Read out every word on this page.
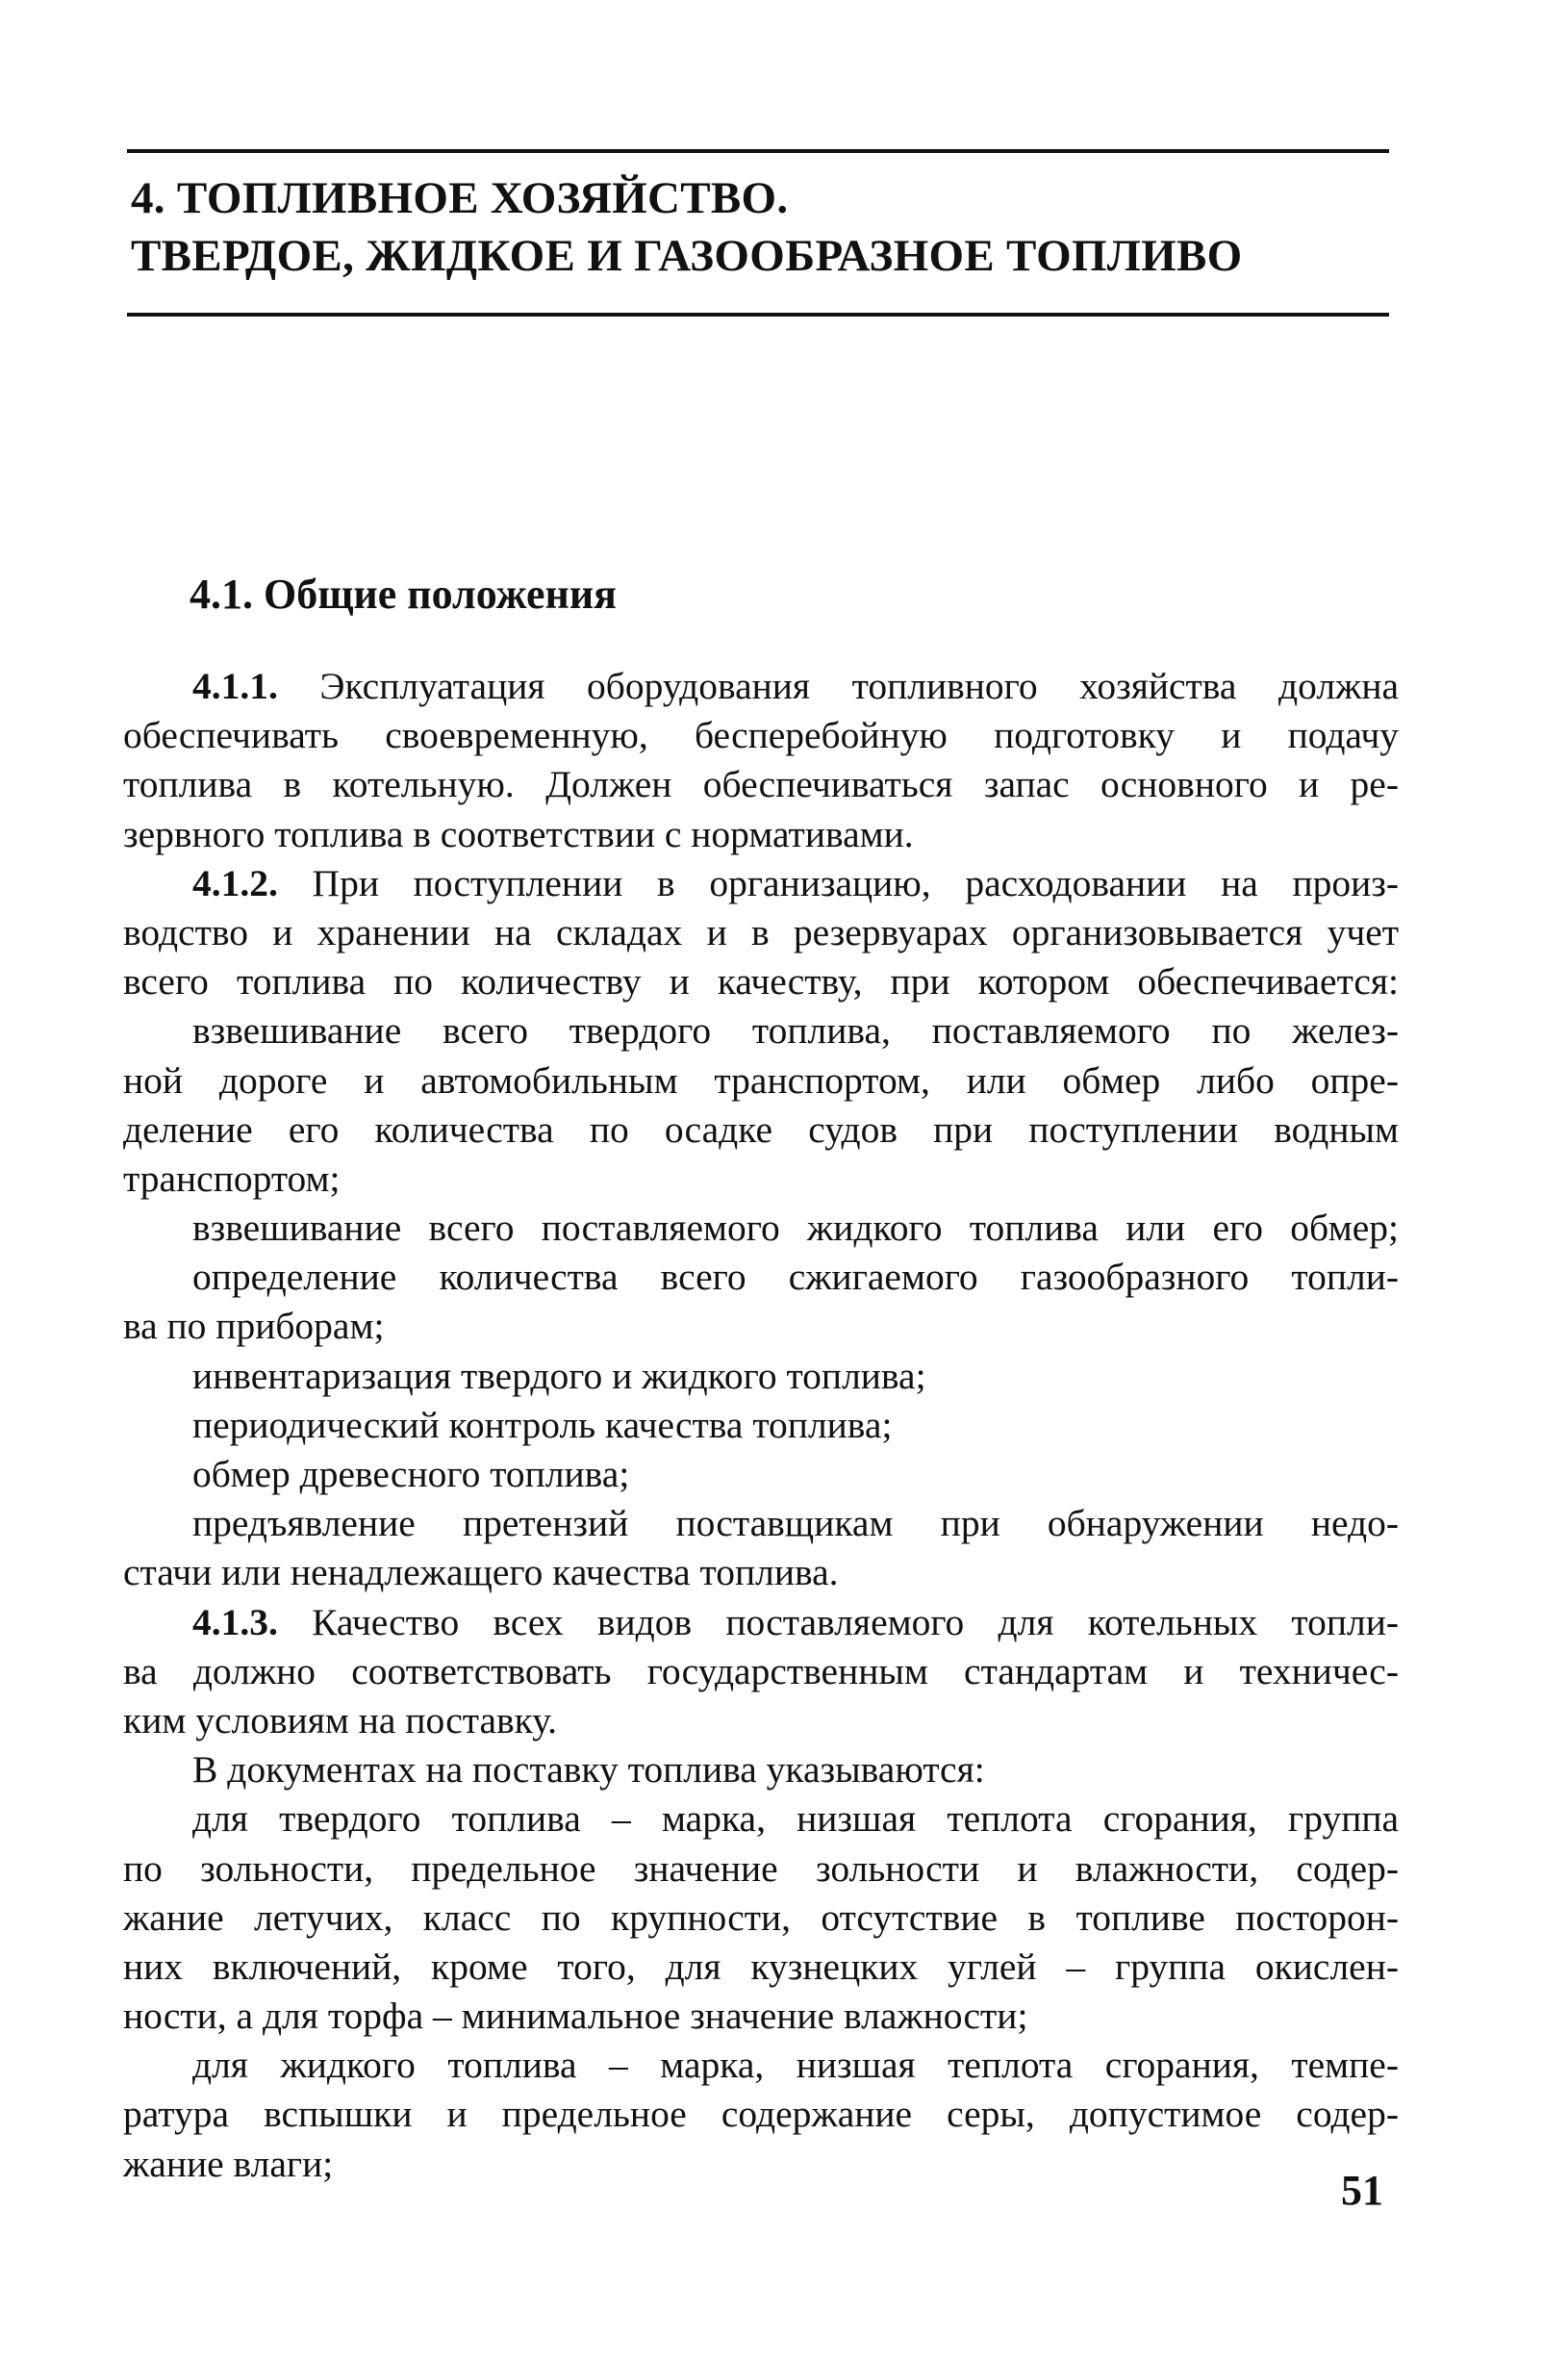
4. ТОПЛИВНОЕ ХОЗЯЙСТВО.
ТВЕРДОЕ, ЖИДКОЕ И ГАЗООБРАЗНОЕ ТОПЛИВО
4.1. Общие положения
4.1.1. Эксплуатация оборудования топливного хозяйства должна
обеспечивать своевременную, бесперебойную подготовку и подачу
топлива в котельную. Должен обеспечиваться запас основного и ре-
зервного топлива в соответствии с нормативами.
4.1.2. При поступлении в организацию, расходовании на произ-
водство и хранении на складах и в резервуарах организовывается учет
всего топлива по количеству и качеству, при котором обеспечивается:
взвешивание всего твердого топлива, поставляемого по желез-
ной дороге и автомобильным транспортом, или обмер либо опре-
деление его количества по осадке судов при поступлении водным
транспортом;
взвешивание всего поставляемого жидкого топлива или его обмер;
определение количества всего сжигаемого газообразного топли-
ва по приборам;
инвентаризация твердого и жидкого топлива;
периодический контроль качества топлива;
обмер древесного топлива;
предъявление претензий поставщикам при обнаружении недо-
стачи или ненадлежащего качества топлива.
4.1.3. Качество всех видов поставляемого для котельных топли-
ва должно соответствовать государственным стандартам и техничес-
ким условиям на поставку.
В документах на поставку топлива указываются:
для твердого топлива – марка, низшая теплота сгорания, группа
по зольности, предельное значение зольности и влажности, содер-
жание летучих, класс по крупности, отсутствие в топливе посторон-
них включений, кроме того, для кузнецких углей – группа окислен-
ности, а для торфа – минимальное значение влажности;
для жидкого топлива – марка, низшая теплота сгорания, темпе-
ратура вспышки и предельное содержание серы, допустимое содер-
жание влаги;
51
